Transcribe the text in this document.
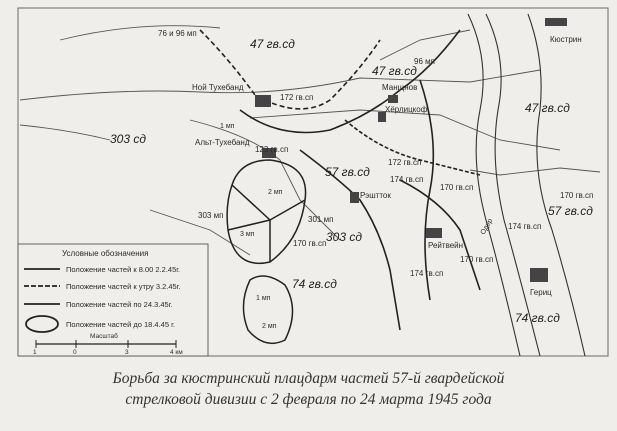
Кюстрин
Ной Тухебанд
Альт-Тухебанд
Манщнов
Хёрлицкоф
Рэштток
Рейтвейн
Гериц
76 и 96 мп
47 гв.сд
47 гв.сд
96 мп
47 гв.сд
303 сд
172 гв.сп
172 гв.сп
174 гв.сп
123 гв.сп
57 гв.сд
170 гв.сп
303 сд
170 гв.сп
57 гв.сд
174 гв.сп
170 гв.сп
174 гв.сп
74 гв.сд
74 гв.сд
301 мп
303 мп
170 гв.сп
1 мп
2 мп
3 мп
1 мп
2 мп
Одер
Условные обозначения
Положение частей к 8.00 2.2.45г.
Положение частей к утру 3.2.45г.
Положение частей по 24.3.45г.
Положение частей до 18.4.45 г.
1	0	3	4 км
Масштаб
Борьба за кюстринский плацдарм частей 57-й гвардейской
стрелковой дивизии с 2 февраля по 24 марта 1945 года
